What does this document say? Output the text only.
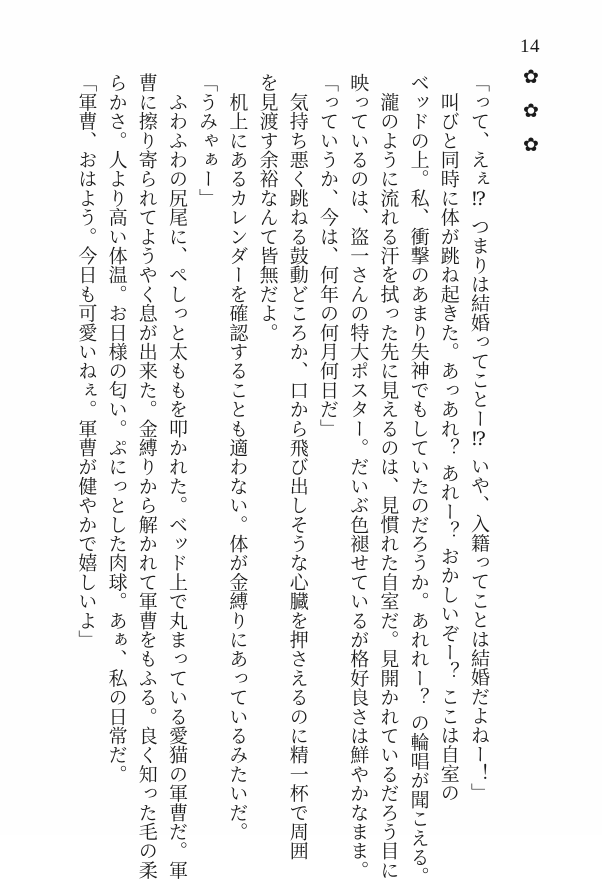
14
✿
✿
✿
「って、えぇ⁉ つまりは結婚ってことー⁉ いや、入籍ってことは結婚だよねー！」
　叫びと同時に体が跳ね起きた。あっあれ？ あれー？ おかしいぞー？ ここは自室の
ベッドの上。私、衝撃のあまり失神でもしていたのだろうか。あれれー？ の輪唱が聞こえる。
　瀧のように流れる汗を拭った先に見えるのは、見慣れた自室だ。見開かれているだろう目に
映っているのは、盗一さんの特大ポスター。だいぶ色褪せているが格好良さは鮮やかなまま。
「っていうか、今は、何年の何月何日だ」
　気持ち悪く跳ねる鼓動どころか、口から飛び出しそうな心臓を押さえるのに精一杯で周囲
を見渡す余裕なんて皆無だよ。
　机上にあるカレンダーを確認することも適わない。体が金縛りにあっているみたいだ。
「うみゃぁー」
　ふわふわの尻尾に、ぺしっと太ももを叩かれた。ベッド上で丸まっている愛猫の軍曹だ。軍
曹に擦り寄られてようやく息が出来た。金縛りから解かれて軍曹をもふる。良く知った毛の柔
らかさ。人より高い体温。お日様の匂い。ぷにっとした肉球。あぁ、私の日常だ。
「軍曹、おはよう。今日も可愛いねぇ。軍曹が健やかで嬉しいよ」
